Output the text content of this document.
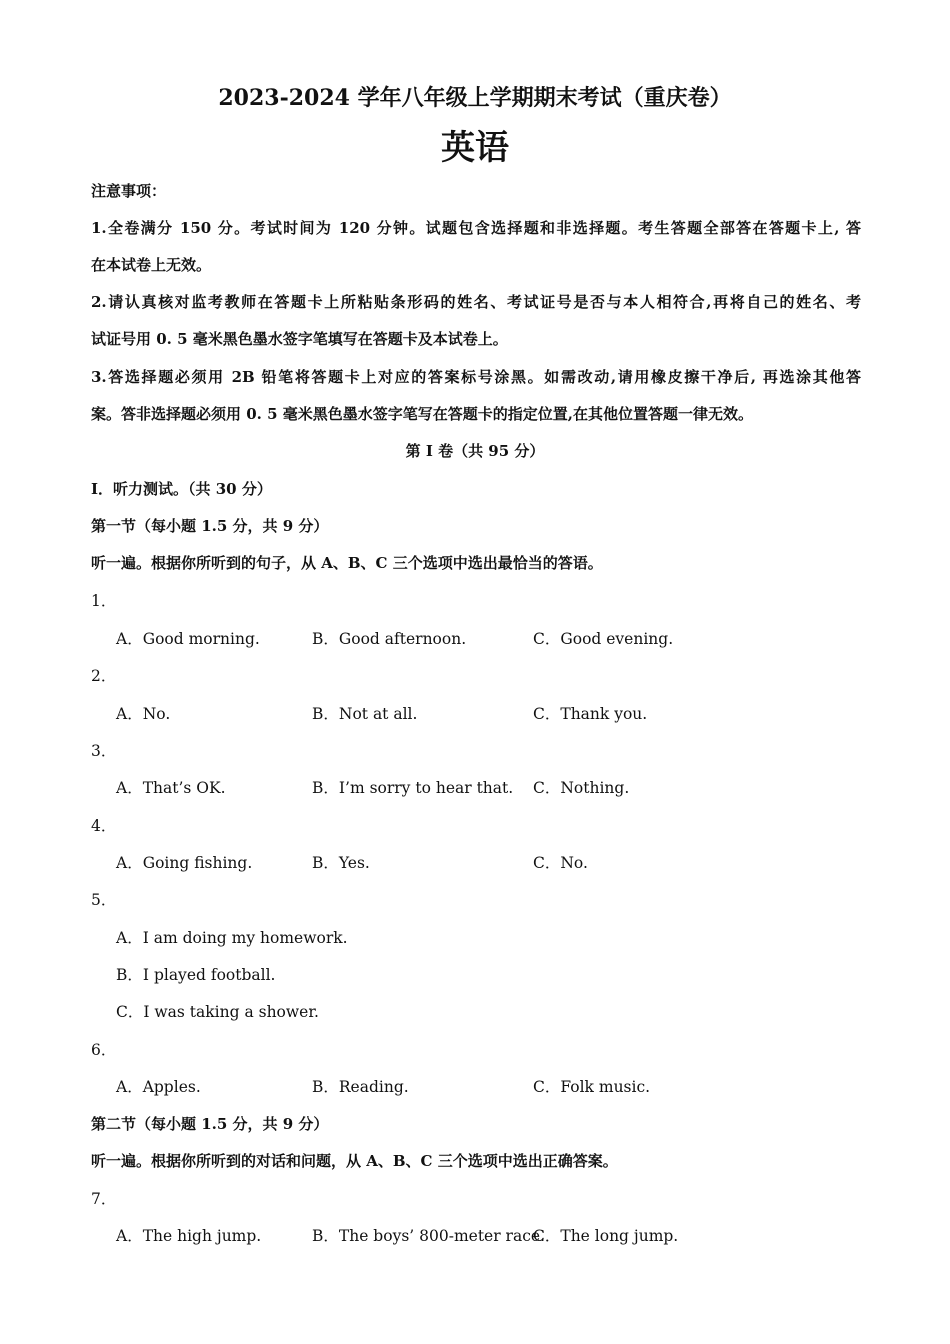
2023-2024 学年八年级上学期期末考试（重庆卷）
英语
注意事项：
1.全卷满分 150 分。考试时间为 120 分钟。试题包含选择题和非选择题。考生答题全部答在答题卡上, 答
在本试卷上无效。
2.请认真核对监考教师在答题卡上所粘贴条形码的姓名、考试证号是否与本人相符合,再将自己的姓名、考
试证号用 0. 5 毫米黑色墨水签字笔填写在答题卡及本试卷上。
3.答选择题必须用 2B 铅笔将答题卡上对应的答案标号涂黑。如需改动,请用橡皮擦干净后, 再选涂其他答
案。答非选择题必须用 0. 5 毫米黑色墨水签字笔写在答题卡的指定位置,在其他位置答题一律无效。
第 I 卷（共 95 分）
I．听力测试。（共 30 分）
第一节（每小题 1.5 分，共 9 分）
听一遍。根据你所听到的句子，从 A、B、C 三个选项中选出最恰当的答语。
1．
A．Good morning.	B．Good afternoon.	C．Good evening.
2．
A．No.	B．Not at all.	C．Thank you.
3．
A．That’s OK.	B．I’m sorry to hear that. C．Nothing.
4．
A．Going fishing.	B．Yes.	C．No.
5．
A．I am doing my homework.
B．I played football.
C．I was taking a shower.
6．
A．Apples.	B．Reading.	C．Folk music.
第二节（每小题 1.5 分，共 9 分）
听一遍。根据你所听到的对话和问题，从 A、B、C 三个选项中选出正确答案。
7．
A．The high jump.	B．The boys’ 800-meter race.
C．The long jump.
